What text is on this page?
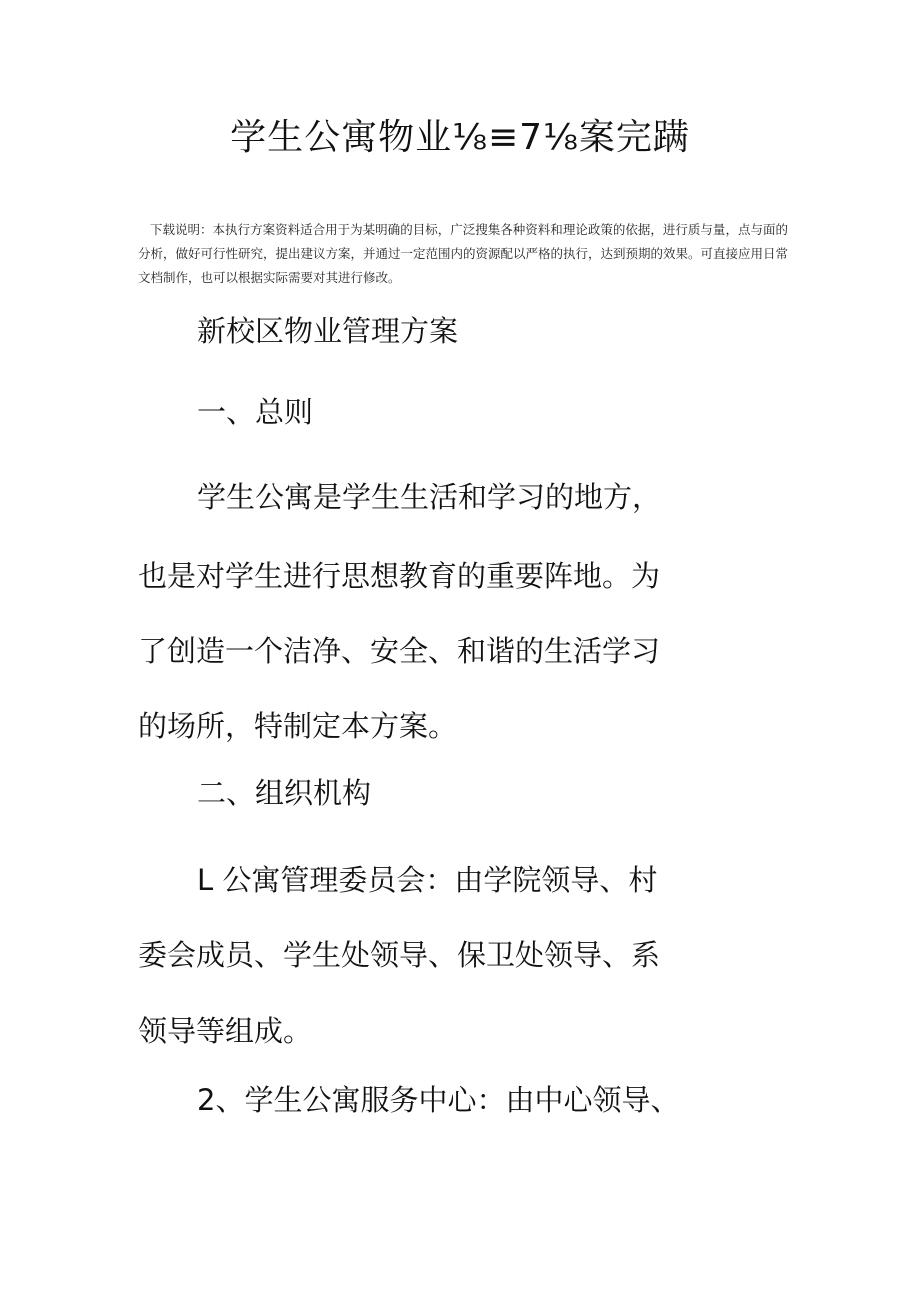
学生公寓物业⅛≡7⅛案完蹒

下载说明：本执行方案资料适合用于为某明确的目标，广泛搜集各种资料和理论政策的依据，进行质与量，点与面的分析，做好可行性研究，提出建议方案，并通过一定范围内的资源配以严格的执行，达到预期的效果。可直接应用日常文档制作，也可以根据实际需要对其进行修改。

新校区物业管理方案

一、总则

学生公寓是学生生活和学习的地方，

也是对学生进行思想教育的重要阵地。为

了创造一个洁净、安全、和谐的生活学习

的场所，特制定本方案。

二、组织机构

L 公寓管理委员会：由学院领导、村

委会成员、学生处领导、保卫处领导、系

领导等组成。

2、学生公寓服务中心：由中心领导、
